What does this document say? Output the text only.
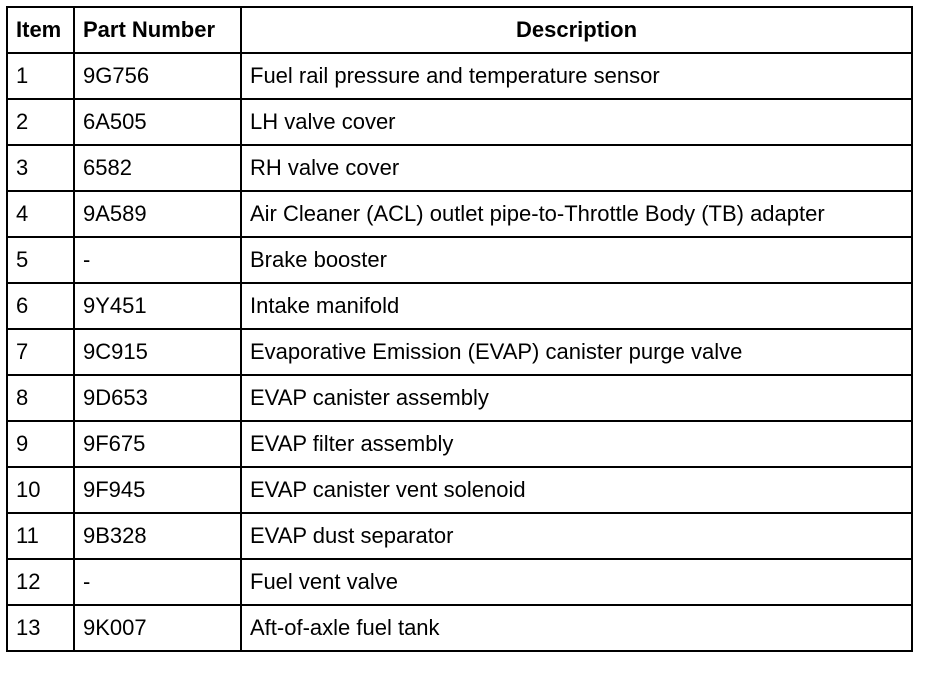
Item	Part Number	Description
1	9G756	Fuel rail pressure and temperature sensor
2	6A505	LH valve cover
3	6582	RH valve cover
4	9A589	Air Cleaner (ACL) outlet pipe-to-Throttle Body (TB) adapter
5	-	Brake booster
6	9Y451	Intake manifold
7	9C915	Evaporative Emission (EVAP) canister purge valve
8	9D653	EVAP canister assembly
9	9F675	EVAP filter assembly
10	9F945	EVAP canister vent solenoid
11	9B328	EVAP dust separator
12	-	Fuel vent valve
13	9K007	Aft-of-axle fuel tank
